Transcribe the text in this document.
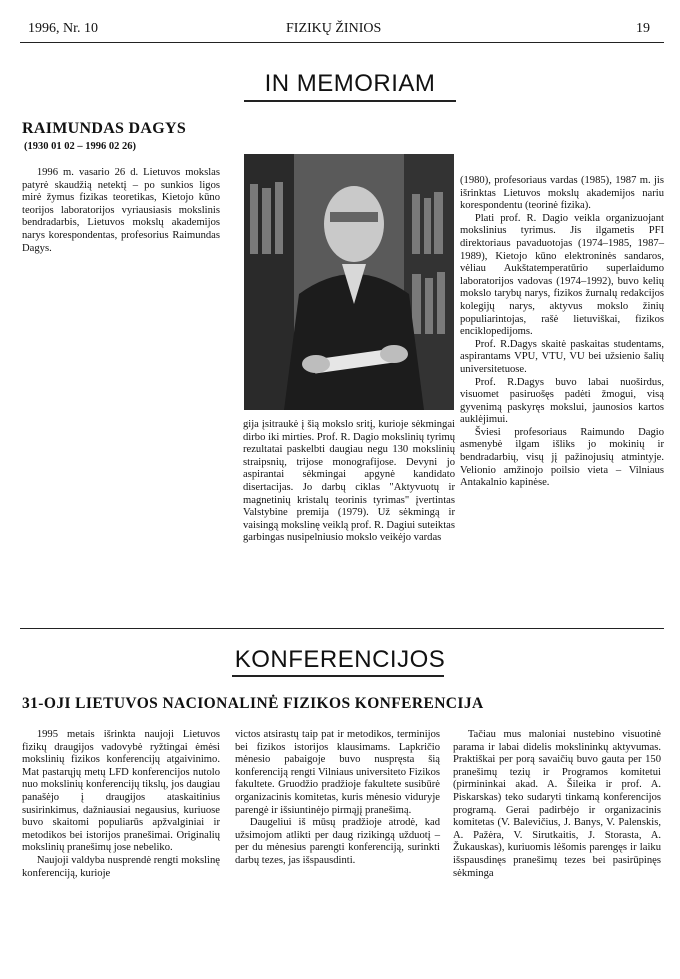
1996, Nr. 10	FIZIKŲ ŽINIOS	19
IN MEMORIAM
RAIMUNDAS DAGYS
(1930 01 02 – 1996 02 26)

1996 m. vasario 26 d. Lietuvos mokslas patyrė skaudžią netektį – po sunkios ligos mirė žymus fizikas teoretikas, Kietojo kūno teorijos laboratorijos vyriausiasis mokslinis bendradarbis, Lietuvos mokslų akademijos narys korespondentas, profesorius Raimundas Dagys.

gija įsitraukė į šią mokslo sritį, kurioje sėkmingai dirbo iki mirties. Prof. R. Dagio mokslinių tyrimų rezultatai paskelbti daugiau negu 130 mokslinių straipsnių, trijose monografijose. Devyni jo aspirantai sėkmingai apgynė kandidato disertacijas. Jo darbų ciklas "Aktyvuotų ir magnetinių kristalų teorinis tyrimas" įvertintas Valstybine premija (1979). Už sėkmingą ir vaisingą mokslinę veiklą prof. R. Dagiui suteiktas garbingas nusipelniusio mokslo veikėjo vardas

(1980), profesoriaus vardas (1985), 1987 m. jis išrinktas Lietuvos mokslų akademijos nariu korespondentu (teorinė fizika).

Plati prof. R. Dagio veikla organizuojant mokslinius tyrimus. Jis ilgametis PFI direktoriaus pavaduotojas (1974–1985, 1987–1989), Kietojo kūno elektroninės sandaros, vėliau Aukštatemperatūrio superlaidumo laboratorijos vadovas (1974–1992), buvo kelių mokslo tarybų narys, fizikos žurnalų redakcijos kolegijų narys, aktyvus mokslo žinių populiarintojas, rašė lietuviškai, fizikos enciklopedijoms.

Prof. R.Dagys skaitė paskaitas studentams, aspirantams VPU, VTU, VU bei užsienio šalių universitetuose.

Prof. R.Dagys buvo labai nuoširdus, visuomet pasiruošęs padėti žmogui, visą gyvenimą paskyręs mokslui, jaunosios kartos auklėjimui.

Šviesi profesoriaus Raimundo Dagio asmenybė ilgam išliks jo mokinių ir bendradarbių, visų jį pažinojusių atmintyje. Velionio amžinojo poilsio vieta – Vilniaus Antakalnio kapinėse.

KONFERENCIJOS
31-OJI LIETUVOS NACIONALINĖ FIZIKOS KONFERENCIJA

1995 metais išrinkta naujoji Lietuvos fizikų draugijos vadovybė ryžtingai ėmėsi mokslinių fizikos konferencijų atgaivinimo. Mat pastarųjų metų LFD konferencijos nutolo nuo mokslinių konferencijų tikslų, jos daugiau panašėjo į draugijos ataskaitinius susirinkimus, dažniausiai negausius, kuriuose buvo skaitomi populiarūs apžvalginiai ir metodikos bei istorijos pranešimai. Originalių mokslinių pranešimų jose nebeliko.

Naujoji valdyba nusprendė rengti mokslinę konferenciją, kurioje

victos atsirastų taip pat ir metodikos, terminijos bei fizikos istorijos klausimams. Lapkričio mėnesio pabaigoje buvo nuspręsta šią konferenciją rengti Vilniaus universiteto Fizikos fakultete. Gruodžio pradžioje fakultete susibūrė organizacinis komitetas, kuris mėnesio viduryje parengė ir išsiuntinėjo pirmąjį pranešimą.

Daugeliui iš mūsų pradžioje atrodė, kad užsimojom atlikti per daug rizikingą užduotį – per du mėnesius parengti konferenciją, surinkti darbų tezes, jas išspausdinti.

Tačiau mus maloniai nustebino visuotinė parama ir labai didelis mokslininkų aktyvumas. Praktiškai per porą savaičių buvo gauta per 150 pranešimų tezių ir Programos komitetui (pirmininkai akad. A. Šileika ir prof. A. Piskarskas) teko sudaryti tinkamą konferencijos programą. Gerai padirbėjo ir organizacinis komitetas (V. Balevičius, J. Banys, V. Palenskis, A. Pažėra, V. Sirutkaitis, J. Storasta, A. Žukauskas), kuriuomis lėšomis parengęs ir laiku išspausdinęs pranešimų tezes bei pasirūpinęs sėkminga
